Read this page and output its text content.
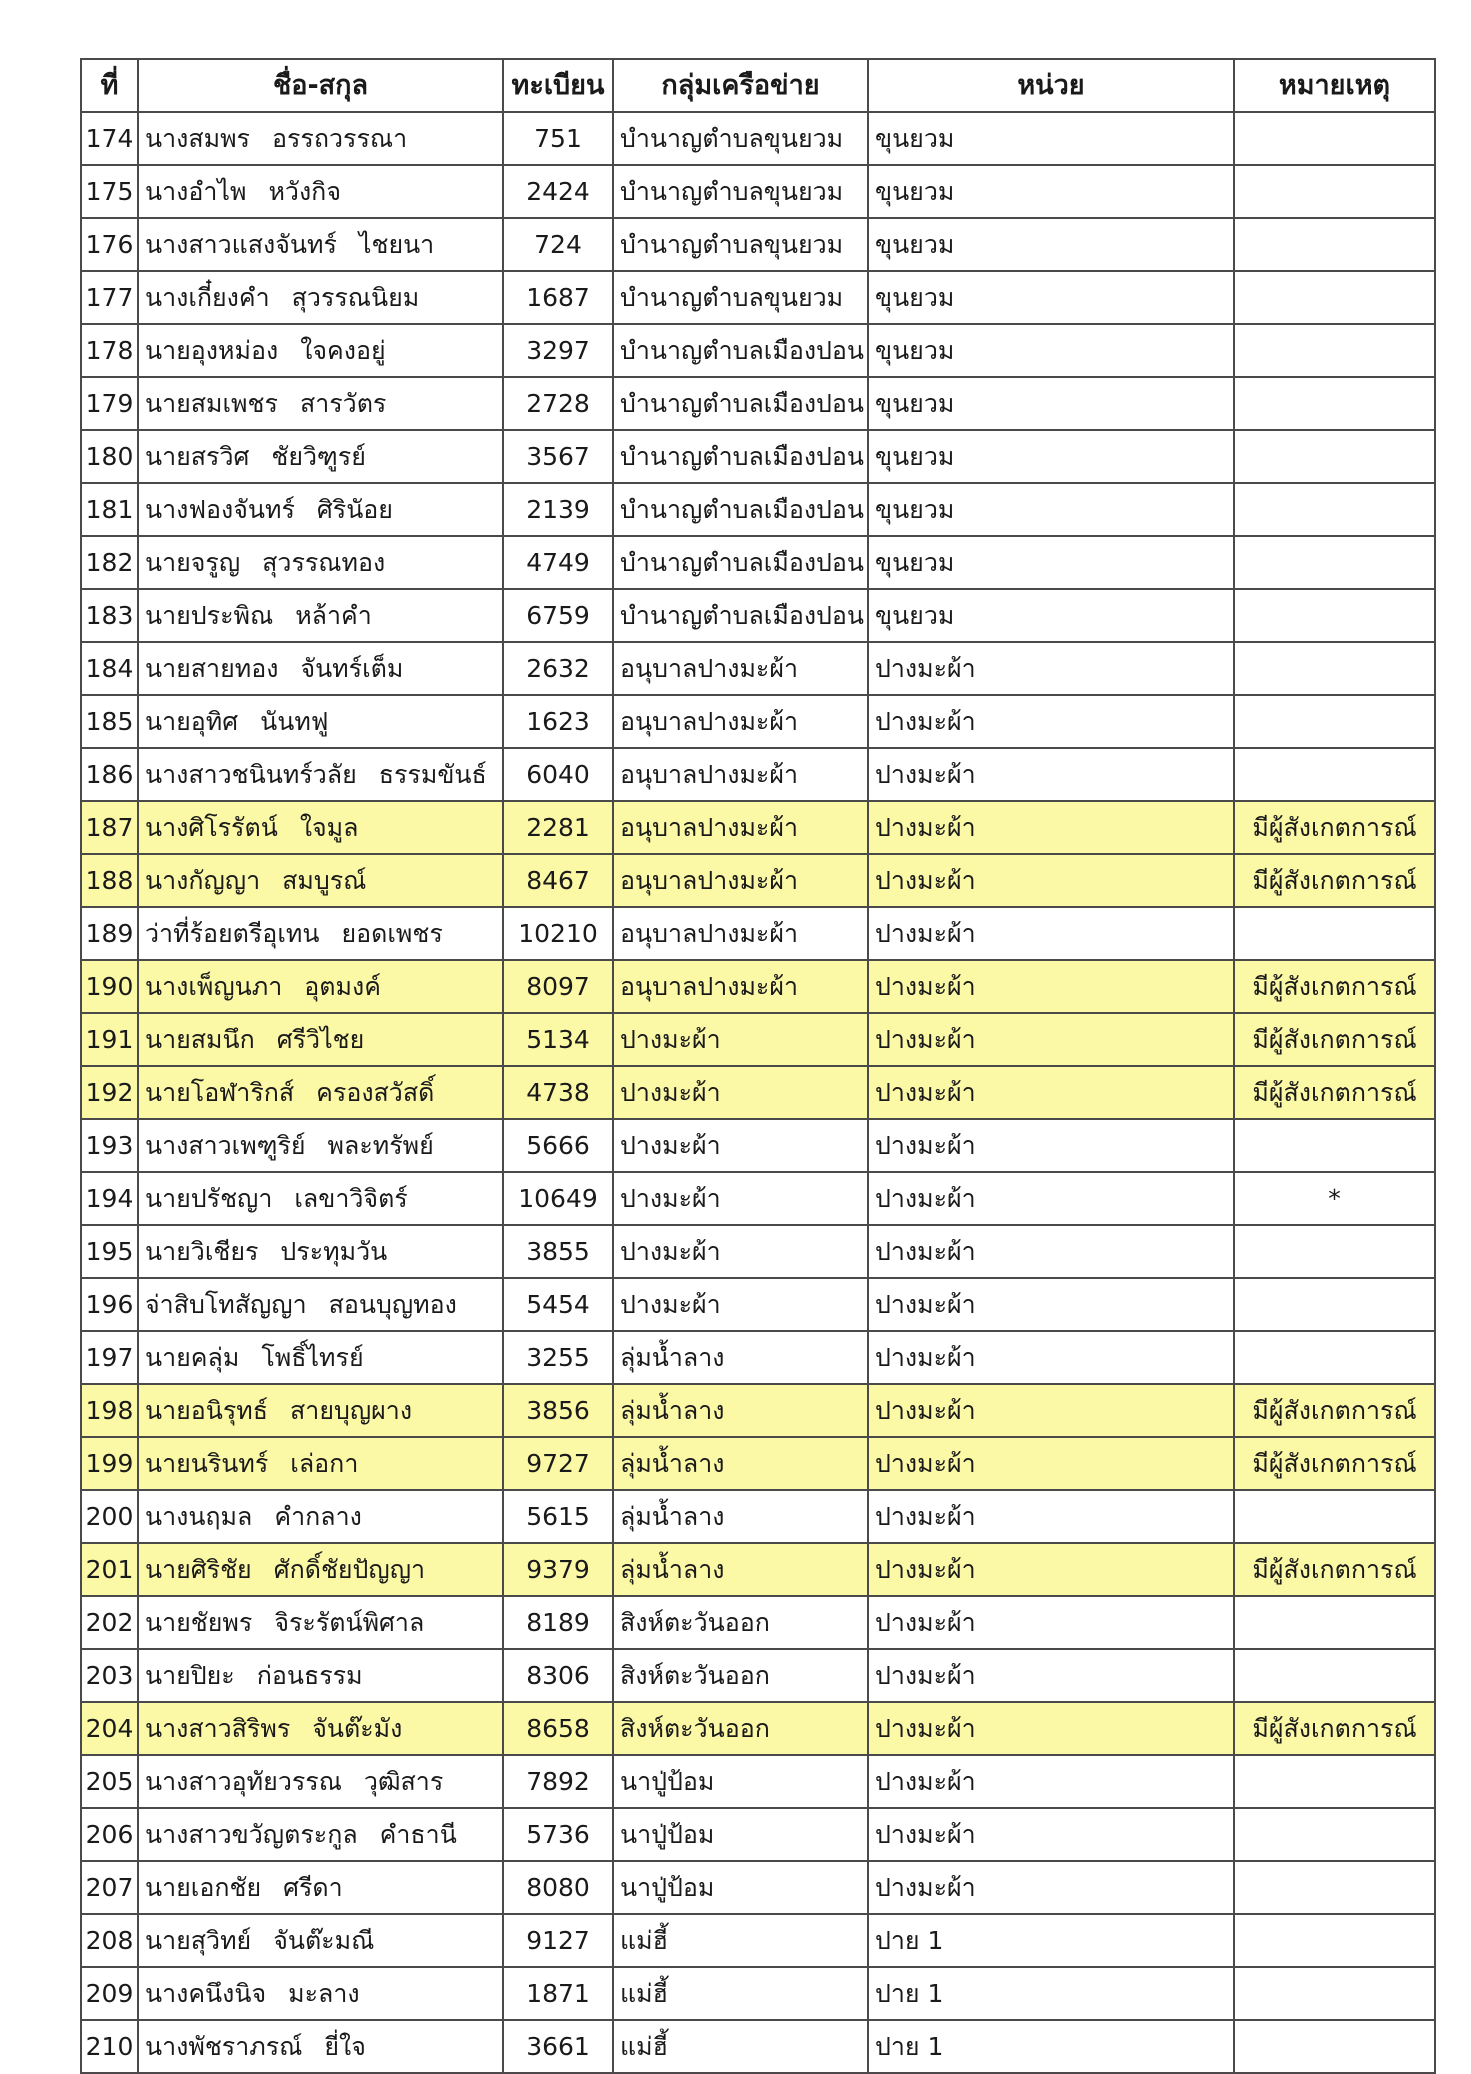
ที่	ชื่อ-สกุล	ทะเบียน	กลุ่มเครือข่าย	หน่วย	หมายเหตุ
174	นางสมพร อรรถวรรณา	751	บำนาญตำบลขุนยวม	ขุนยวม	
175	นางอำไพ หวังกิจ	2424	บำนาญตำบลขุนยวม	ขุนยวม	
176	นางสาวแสงจันทร์ ไชยนา	724	บำนาญตำบลขุนยวม	ขุนยวม	
177	นางเกี๋ยงคำ สุวรรณนิยม	1687	บำนาญตำบลขุนยวม	ขุนยวม	
178	นายอุงหม่อง ใจคงอยู่	3297	บำนาญตำบลเมืองปอน	ขุนยวม	
179	นายสมเพชร สารวัตร	2728	บำนาญตำบลเมืองปอน	ขุนยวม	
180	นายสรวิศ ชัยวิฑูรย์	3567	บำนาญตำบลเมืองปอน	ขุนยวม	
181	นางฟองจันทร์ ศิรินัอย	2139	บำนาญตำบลเมืองปอน	ขุนยวม	
182	นายจรูญ สุวรรณทอง	4749	บำนาญตำบลเมืองปอน	ขุนยวม	
183	นายประพิณ หล้าคำ	6759	บำนาญตำบลเมืองปอน	ขุนยวม	
184	นายสายทอง จันทร์เต็ม	2632	อนุบาลปางมะผ้า	ปางมะผ้า	
185	นายอุทิศ นันทฟู	1623	อนุบาลปางมะผ้า	ปางมะผ้า	
186	นางสาวชนินทร์วลัย ธรรมขันธ์	6040	อนุบาลปางมะผ้า	ปางมะผ้า	
187	นางศิโรรัตน์ ใจมูล	2281	อนุบาลปางมะผ้า	ปางมะผ้า	มีผู้สังเกตการณ์
188	นางกัญญา สมบูรณ์	8467	อนุบาลปางมะผ้า	ปางมะผ้า	มีผู้สังเกตการณ์
189	ว่าที่ร้อยตรีอุเทน ยอดเพชร	10210	อนุบาลปางมะผ้า	ปางมะผ้า	
190	นางเพ็ญนภา อุตมงค์	8097	อนุบาลปางมะผ้า	ปางมะผ้า	มีผู้สังเกตการณ์
191	นายสมนึก ศรีวิไชย	5134	ปางมะผ้า	ปางมะผ้า	มีผู้สังเกตการณ์
192	นายโอฬาริกส์ ครองสวัสดิ์	4738	ปางมะผ้า	ปางมะผ้า	มีผู้สังเกตการณ์
193	นางสาวเพฑูริย์ พละทรัพย์	5666	ปางมะผ้า	ปางมะผ้า	
194	นายปรัชญา เลขาวิจิตร์	10649	ปางมะผ้า	ปางมะผ้า	*
195	นายวิเชียร ประทุมวัน	3855	ปางมะผ้า	ปางมะผ้า	
196	จ่าสิบโทสัญญา สอนบุญทอง	5454	ปางมะผ้า	ปางมะผ้า	
197	นายคลุ่ม โพธิ์ไทรย์	3255	ลุ่มน้ำลาง	ปางมะผ้า	
198	นายอนิรุทธ์ สายบุญผาง	3856	ลุ่มน้ำลาง	ปางมะผ้า	มีผู้สังเกตการณ์
199	นายนรินทร์ เล่อกา	9727	ลุ่มน้ำลาง	ปางมะผ้า	มีผู้สังเกตการณ์
200	นางนฤมล คำกลาง	5615	ลุ่มน้ำลาง	ปางมะผ้า	
201	นายศิริชัย ศักดิ์ชัยปัญญา	9379	ลุ่มน้ำลาง	ปางมะผ้า	มีผู้สังเกตการณ์
202	นายชัยพร จิระรัตน์พิศาล	8189	สิงห์ตะวันออก	ปางมะผ้า	
203	นายปิยะ ก่อนธรรม	8306	สิงห์ตะวันออก	ปางมะผ้า	
204	นางสาวสิริพร จันต๊ะมัง	8658	สิงห์ตะวันออก	ปางมะผ้า	มีผู้สังเกตการณ์
205	นางสาวอุทัยวรรณ วุฒิสาร	7892	นาปู่ป้อม	ปางมะผ้า	
206	นางสาวขวัญตระกูล คำธานี	5736	นาปู่ป้อม	ปางมะผ้า	
207	นายเอกชัย ศรีดา	8080	นาปู่ป้อม	ปางมะผ้า	
208	นายสุวิทย์ จันต๊ะมณี	9127	แม่ฮี้	ปาย 1	
209	นางคนึงนิจ มะลาง	1871	แม่ฮี้	ปาย 1	
210	นางพัชราภรณ์ ยี่ใจ	3661	แม่ฮี้	ปาย 1	
